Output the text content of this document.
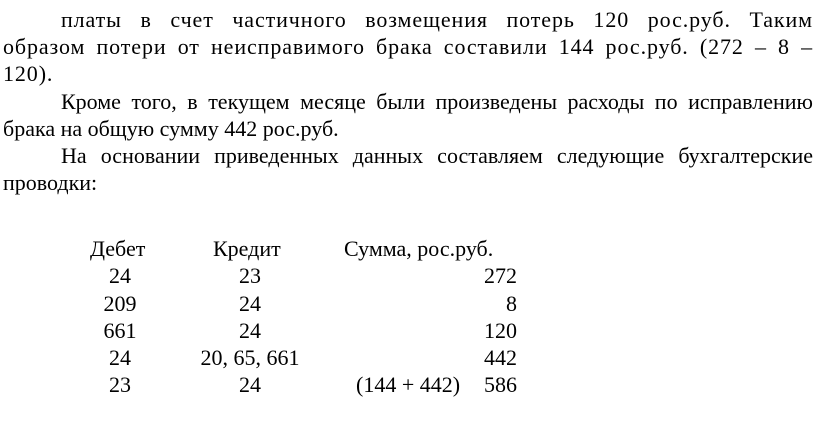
платы в счет частичного возмещения потерь 120 рос.руб. Таким
образом потери от неисправимого брака составили 144 рос.руб. (272 – 8 –
120).
Кроме того, в текущем месяце были произведены расходы по исправлению
брака на общую сумму 442 рос.руб.
На основании приведенных данных составляем следующие бухгалтерские
проводки:
Дебет	Кредит	Сумма, рос.руб.
24	23	272
209	24	8
661	24	120
24	20, 65, 661	442
23	24	(144 + 442)	586
